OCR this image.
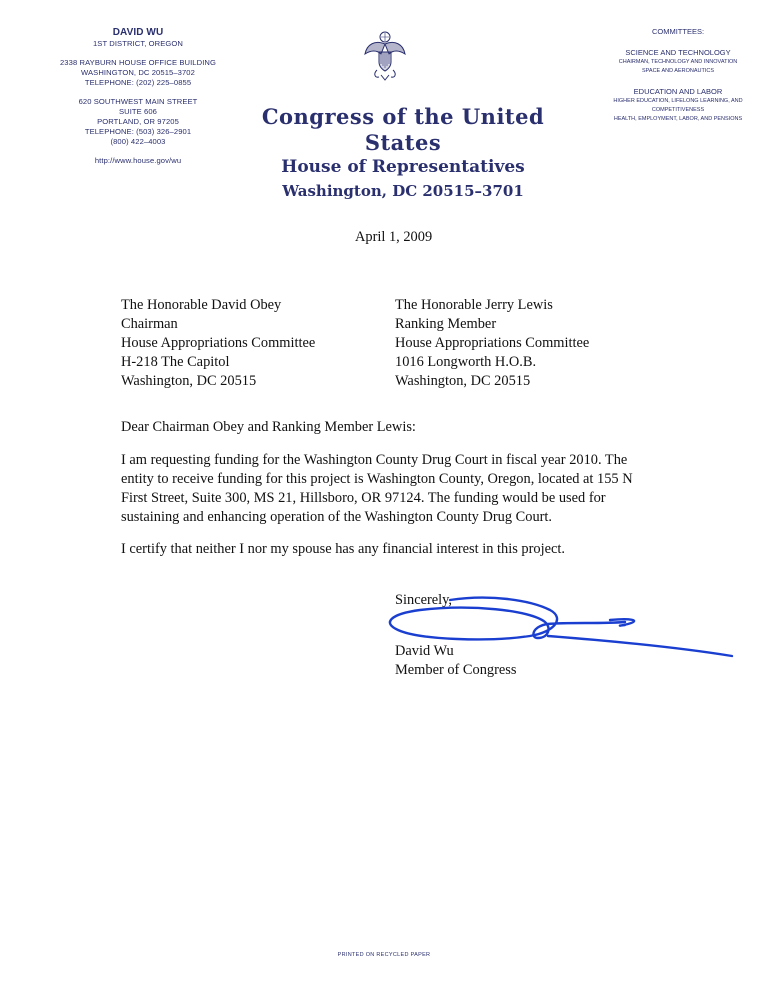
DAVID WU
1ST DISTRICT, OREGON
2338 RAYBURN HOUSE OFFICE BUILDING
WASHINGTON, DC 20515–3702
TELEPHONE: (202) 225–0855
620 SOUTHWEST MAIN STREET
SUITE 606
PORTLAND, OR 97205
TELEPHONE: (503) 326–2901
(800) 422–4003
http://www.house.gov/wu
Congress of the United States
House of Representatives
Washington, DC 20515–3701
COMMITTEES:
SCIENCE AND TECHNOLOGY
CHAIRMAN, TECHNOLOGY AND INNOVATION
SPACE AND AERONAUTICS
EDUCATION AND LABOR
HIGHER EDUCATION, LIFELONG LEARNING, AND
COMPETITIVENESS
HEALTH, EMPLOYMENT, LABOR, AND PENSIONS
April 1, 2009
The Honorable David Obey
Chairman
House Appropriations Committee
H-218 The Capitol
Washington, DC 20515
The Honorable Jerry Lewis
Ranking Member
House Appropriations Committee
1016 Longworth H.O.B.
Washington, DC 20515
Dear Chairman Obey and Ranking Member Lewis:
I am requesting funding for the Washington County Drug Court in fiscal year 2010. The
entity to receive funding for this project is Washington County, Oregon, located at 155 N
First Street, Suite 300, MS 21, Hillsboro, OR 97124. The funding would be used for
sustaining and enhancing operation of the Washington County Drug Court.
I certify that neither I nor my spouse has any financial interest in this project.
Sincerely,
David Wu
Member of Congress
PRINTED ON RECYCLED PAPER
